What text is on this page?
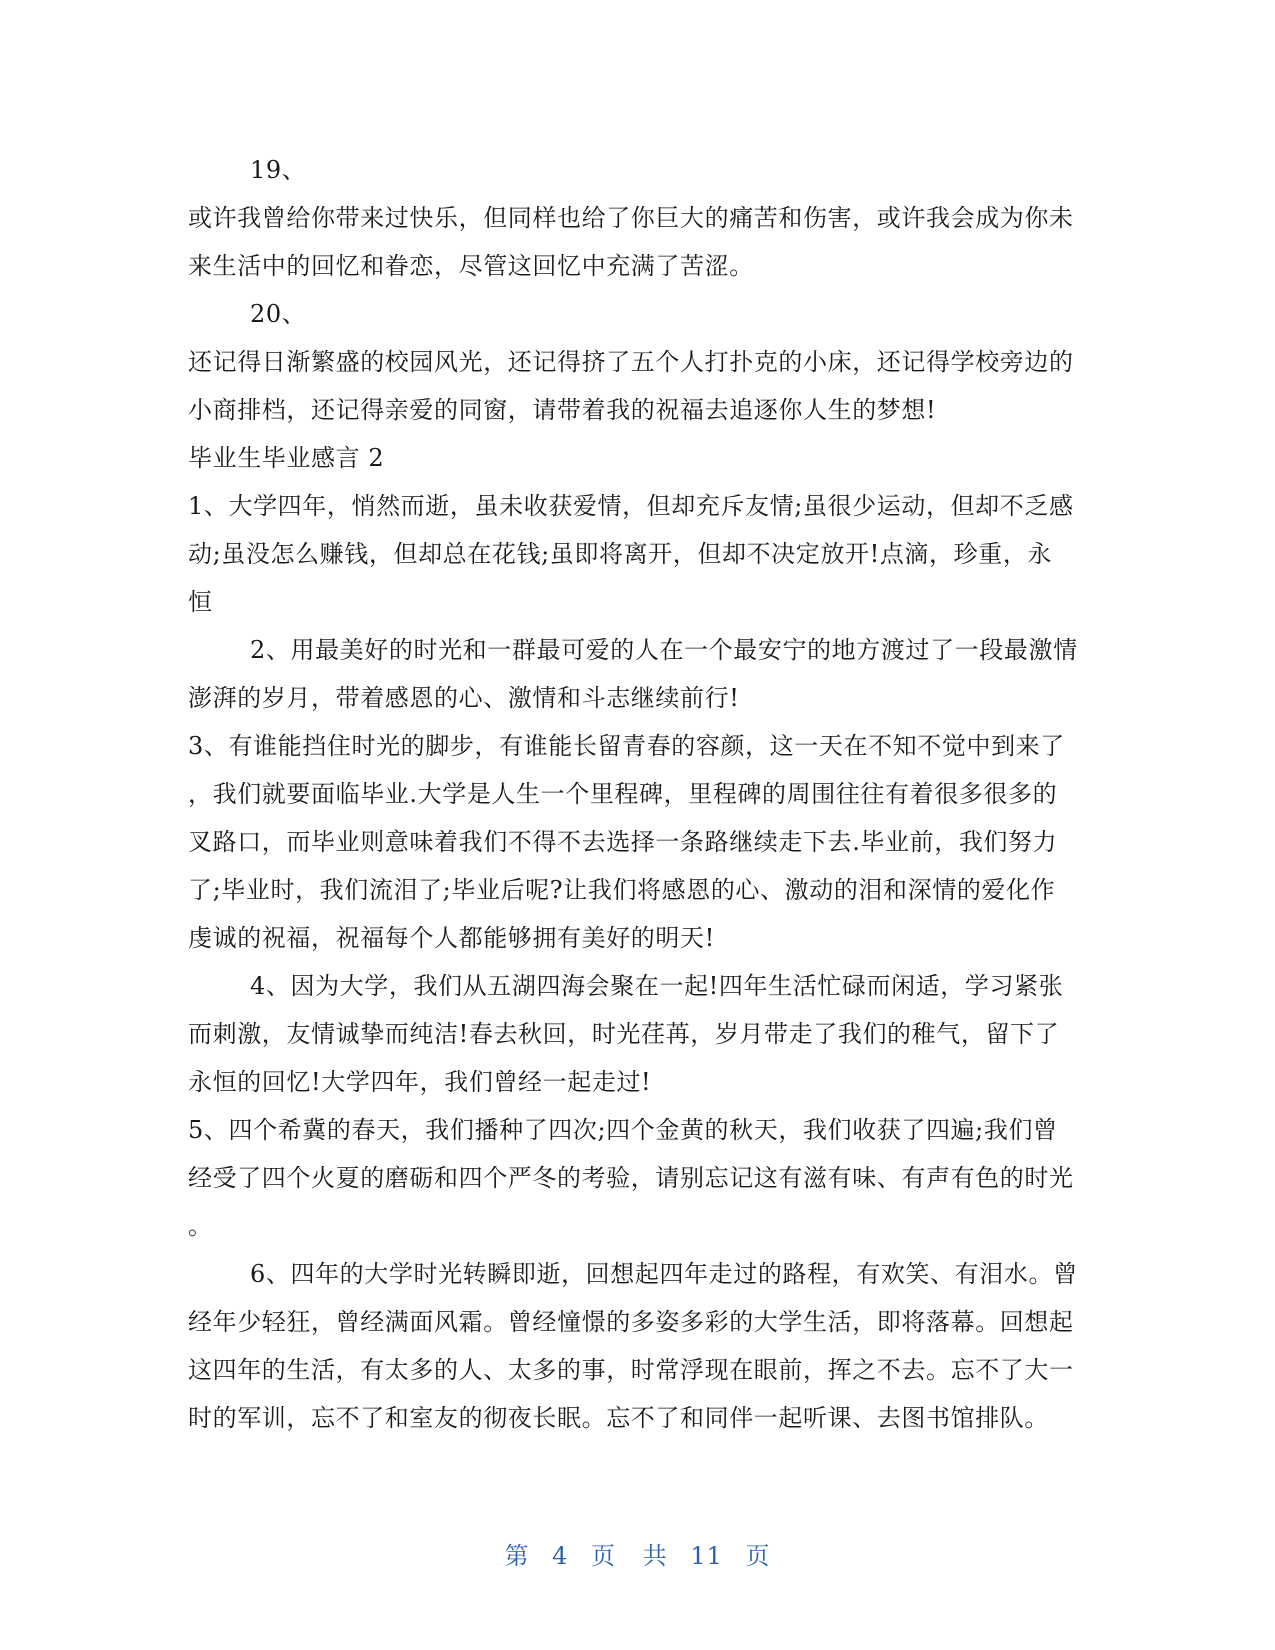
19、

或许我曾给你带来过快乐，但同样也给了你巨大的痛苦和伤害，或许我会成为你未
来生活中的回忆和眷恋，尽管这回忆中充满了苦涩。

20、

还记得日渐繁盛的校园风光，还记得挤了五个人打扑克的小床，还记得学校旁边的
小商排档，还记得亲爱的同窗，请带着我的祝福去追逐你人生的梦想!

毕业生毕业感言 2

1、大学四年，悄然而逝，虽未收获爱情，但却充斥友情;虽很少运动，但却不乏感
动;虽没怎么赚钱，但却总在花钱;虽即将离开，但却不决定放开!点滴，珍重，永
恒

2、用最美好的时光和一群最可爱的人在一个最安宁的地方渡过了一段最激情
澎湃的岁月，带着感恩的心、激情和斗志继续前行!

3、有谁能挡住时光的脚步，有谁能长留青春的容颜，这一天在不知不觉中到来了
，我们就要面临毕业.大学是人生一个里程碑，里程碑的周围往往有着很多很多的
叉路口，而毕业则意味着我们不得不去选择一条路继续走下去.毕业前，我们努力
了;毕业时，我们流泪了;毕业后呢?让我们将感恩的心、激动的泪和深情的爱化作
虔诚的祝福，祝福每个人都能够拥有美好的明天!

4、因为大学，我们从五湖四海会聚在一起!四年生活忙碌而闲适，学习紧张
而刺激，友情诚挚而纯洁!春去秋回，时光荏苒，岁月带走了我们的稚气，留下了
永恒的回忆!大学四年，我们曾经一起走过!

5、四个希冀的春天，我们播种了四次;四个金黄的秋天，我们收获了四遍;我们曾
经受了四个火夏的磨砺和四个严冬的考验，请别忘记这有滋有味、有声有色的时光
。

6、四年的大学时光转瞬即逝，回想起四年走过的路程，有欢笑、有泪水。曾
经年少轻狂，曾经满面风霜。曾经憧憬的多姿多彩的大学生活，即将落幕。回想起
这四年的生活，有太多的人、太多的事，时常浮现在眼前，挥之不去。忘不了大一
时的军训，忘不了和室友的彻夜长眠。忘不了和同伴一起听课、去图书馆排队。

第 4 页 共 11 页
